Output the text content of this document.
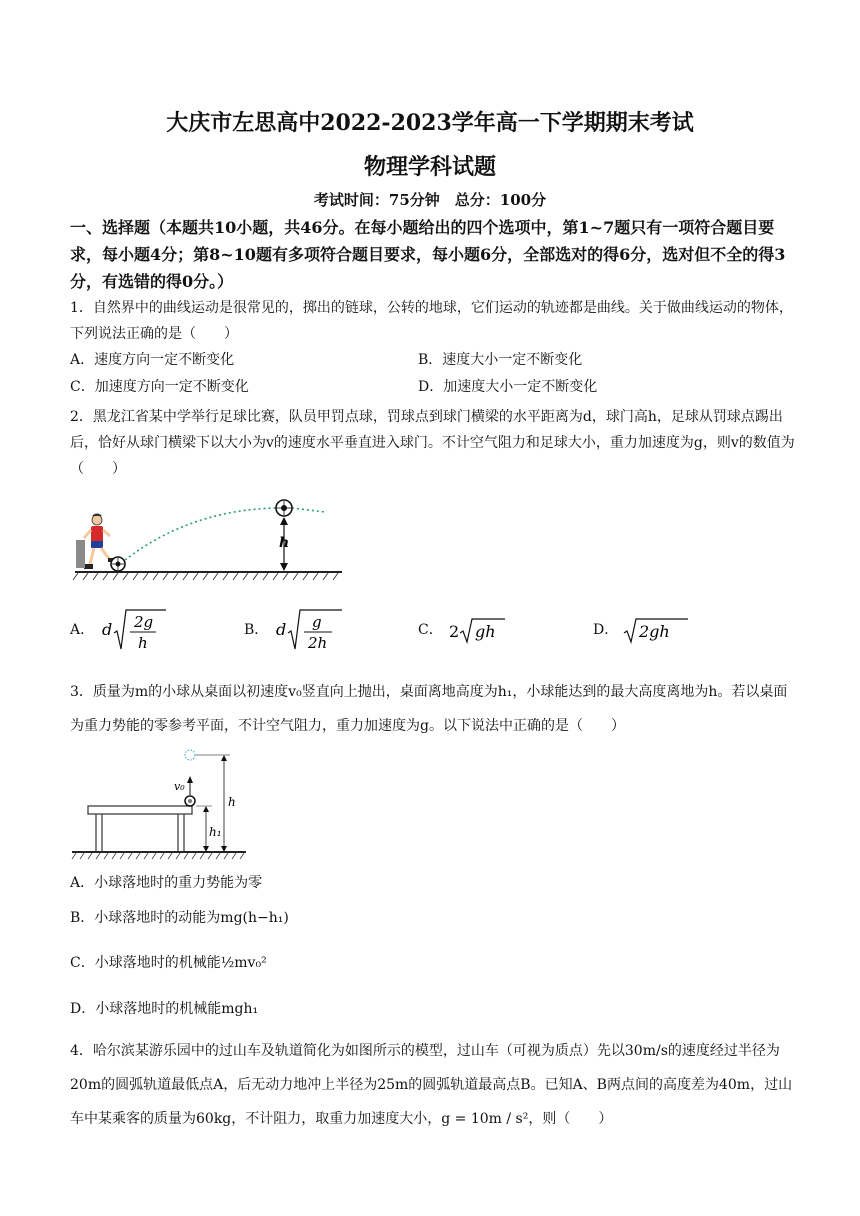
大庆市左思高中2022-2023学年高一下学期期末考试
物理学科试题
考试时间：75分钟　总分：100分
一、选择题（本题共10小题，共46分。在每小题给出的四个选项中，第1~7题只有一项符合题目要求，每小题4分；第8~10题有多项符合题目要求，每小题6分，全部选对的得6分，选对但不全的得3分，有选错的得0分。）
1．自然界中的曲线运动是很常见的，掷出的链球，公转的地球，它们运动的轨迹都是曲线。关于做曲线运动的物体，下列说法正确的是（　　）
A．速度方向一定不断变化	B．速度大小一定不断变化
C．加速度方向一定不断变化	D．加速度大小一定不断变化
2．黑龙江省某中学举行足球比赛，队员甲罚点球，罚球点到球门横梁的水平距离为d，球门高h，足球从罚球点踢出后，恰好从球门横梁下以大小为v的速度水平垂直进入球门。不计空气阻力和足球大小，重力加速度为g，则v的数值为（　　）
h
A． d 2g
h
B． d g
2h
C． 2 gh	D． 2gh
3．质量为m的小球从桌面以初速度v₀竖直向上抛出，桌面离地高度为h₁，小球能达到的最大高度离地为h。若以桌面为重力势能的零参考平面，不计空气阻力，重力加速度为g。以下说法中正确的是（　　）
v₀
h
h₁
A．小球落地时的重力势能为零
B．小球落地时的动能为mg(h−h₁)
C．小球落地时的机械能½mv₀²
D．小球落地时的机械能mgh₁
4．哈尔滨某游乐园中的过山车及轨道简化为如图所示的模型，过山车（可视为质点）先以30m/s的速度经过半径为20m的圆弧轨道最低点A，后无动力地冲上半径为25m的圆弧轨道最高点B。已知A、B两点间的高度差为40m，过山车中某乘客的质量为60kg，不计阻力，取重力加速度大小，g = 10m / s²，则（　　）
